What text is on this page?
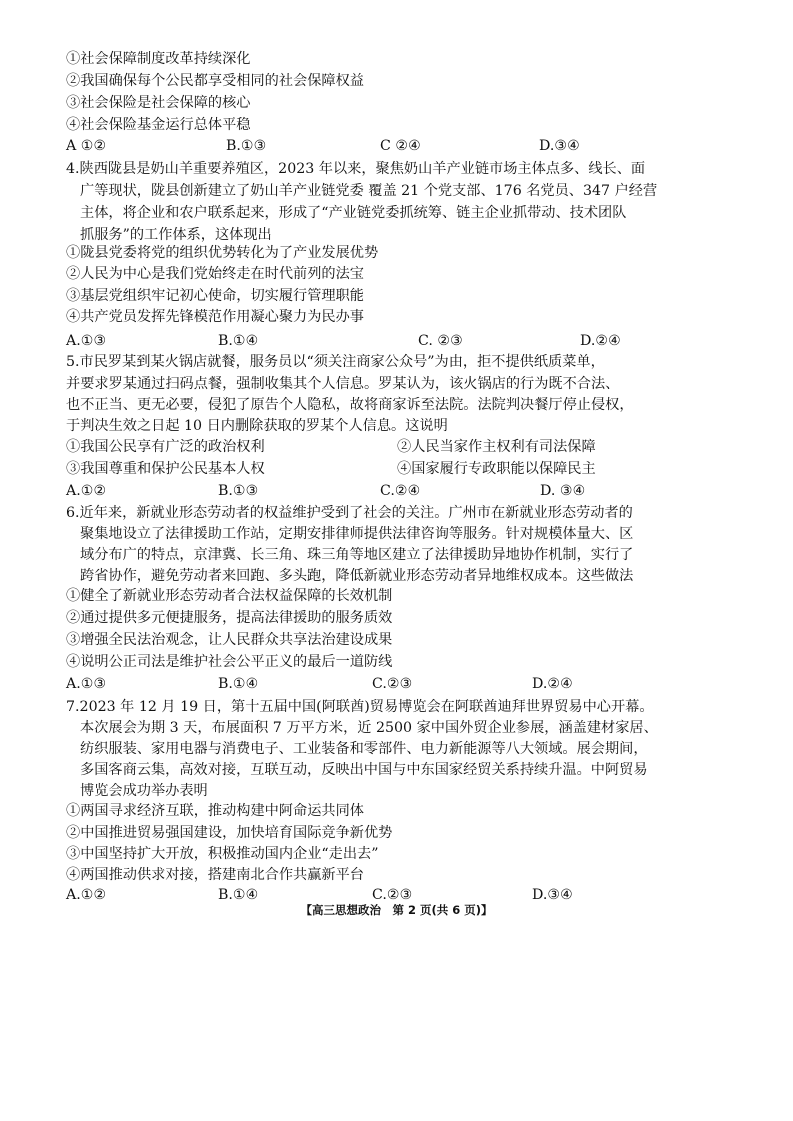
①社会保障制度改革持续深化
②我国确保每个公民都享受相同的社会保障权益
③社会保险是社会保障的核心
④社会保险基金运行总体平稳
A ①②	B.①③	C ②④	D.③④
4.陕西陇县是奶山羊重要养殖区，2023 年以来，聚焦奶山羊产业链市场主体点多、线长、面
广等现状，陇县创新建立了奶山羊产业链党委 覆盖 21 个党支部、176 名党员、347 户经营
主体，将企业和农户联系起来，形成了“产业链党委抓统筹、链主企业抓带动、技术团队
抓服务”的工作体系，这体现出
①陇县党委将党的组织优势转化为了产业发展优势
②人民为中心是我们党始终走在时代前列的法宝
③基层党组织牢记初心使命，切实履行管理职能
④共产党员发挥先锋模范作用凝心聚力为民办事
A.①③	B.①④	C. ②③	D.②④
5.市民罗某到某火锅店就餐，服务员以“须关注商家公众号”为由，拒不提供纸质菜单，
并要求罗某通过扫码点餐，强制收集其个人信息。罗某认为，该火锅店的行为既不合法、
也不正当、更无必要，侵犯了原告个人隐私，故将商家诉至法院。法院判决餐厅停止侵权，
于判决生效之日起 10 日内删除获取的罗某个人信息。这说明
①我国公民享有广泛的政治权利	②人民当家作主权利有司法保障
③我国尊重和保护公民基本人权	④国家履行专政职能以保障民主
A.①②	B.①③	C.②④	D. ③④
6.近年来，新就业形态劳动者的权益维护受到了社会的关注。广州市在新就业形态劳动者的
聚集地设立了法律援助工作站，定期安排律师提供法律咨询等服务。针对规模体量大、区
域分布广的特点，京津冀、长三角、珠三角等地区建立了法律援助异地协作机制，实行了
跨省协作，避免劳动者来回跑、多头跑，降低新就业形态劳动者异地维权成本。这些做法
①健全了新就业形态劳动者合法权益保障的长效机制
②通过提供多元便捷服务，提高法律援助的服务质效
③增强全民法治观念，让人民群众共享法治建设成果
④说明公正司法是维护社会公平正义的最后一道防线
A.①③	B.①④	C.②③	D.②④
7.2023 年 12 月 19 日，第十五届中国(阿联酋)贸易博览会在阿联酋迪拜世界贸易中心开幕。
本次展会为期 3 天，布展面积 7 万平方米，近 2500 家中国外贸企业参展，涵盖建材家居、
纺织服装、家用电器与消费电子、工业装备和零部件、电力新能源等八大领域。展会期间，
多国客商云集，高效对接，互联互动，反映出中国与中东国家经贸关系持续升温。中阿贸易
博览会成功举办表明
①两国寻求经济互联，推动构建中阿命运共同体
②中国推进贸易强国建设，加快培育国际竞争新优势
③中国坚持扩大开放，积极推动国内企业“走出去”
④两国推动供求对接，搭建南北合作共赢新平台
A.①②	B.①④	C.②③	D.③④
【高三思想政治　第 2 页(共 6 页)】
